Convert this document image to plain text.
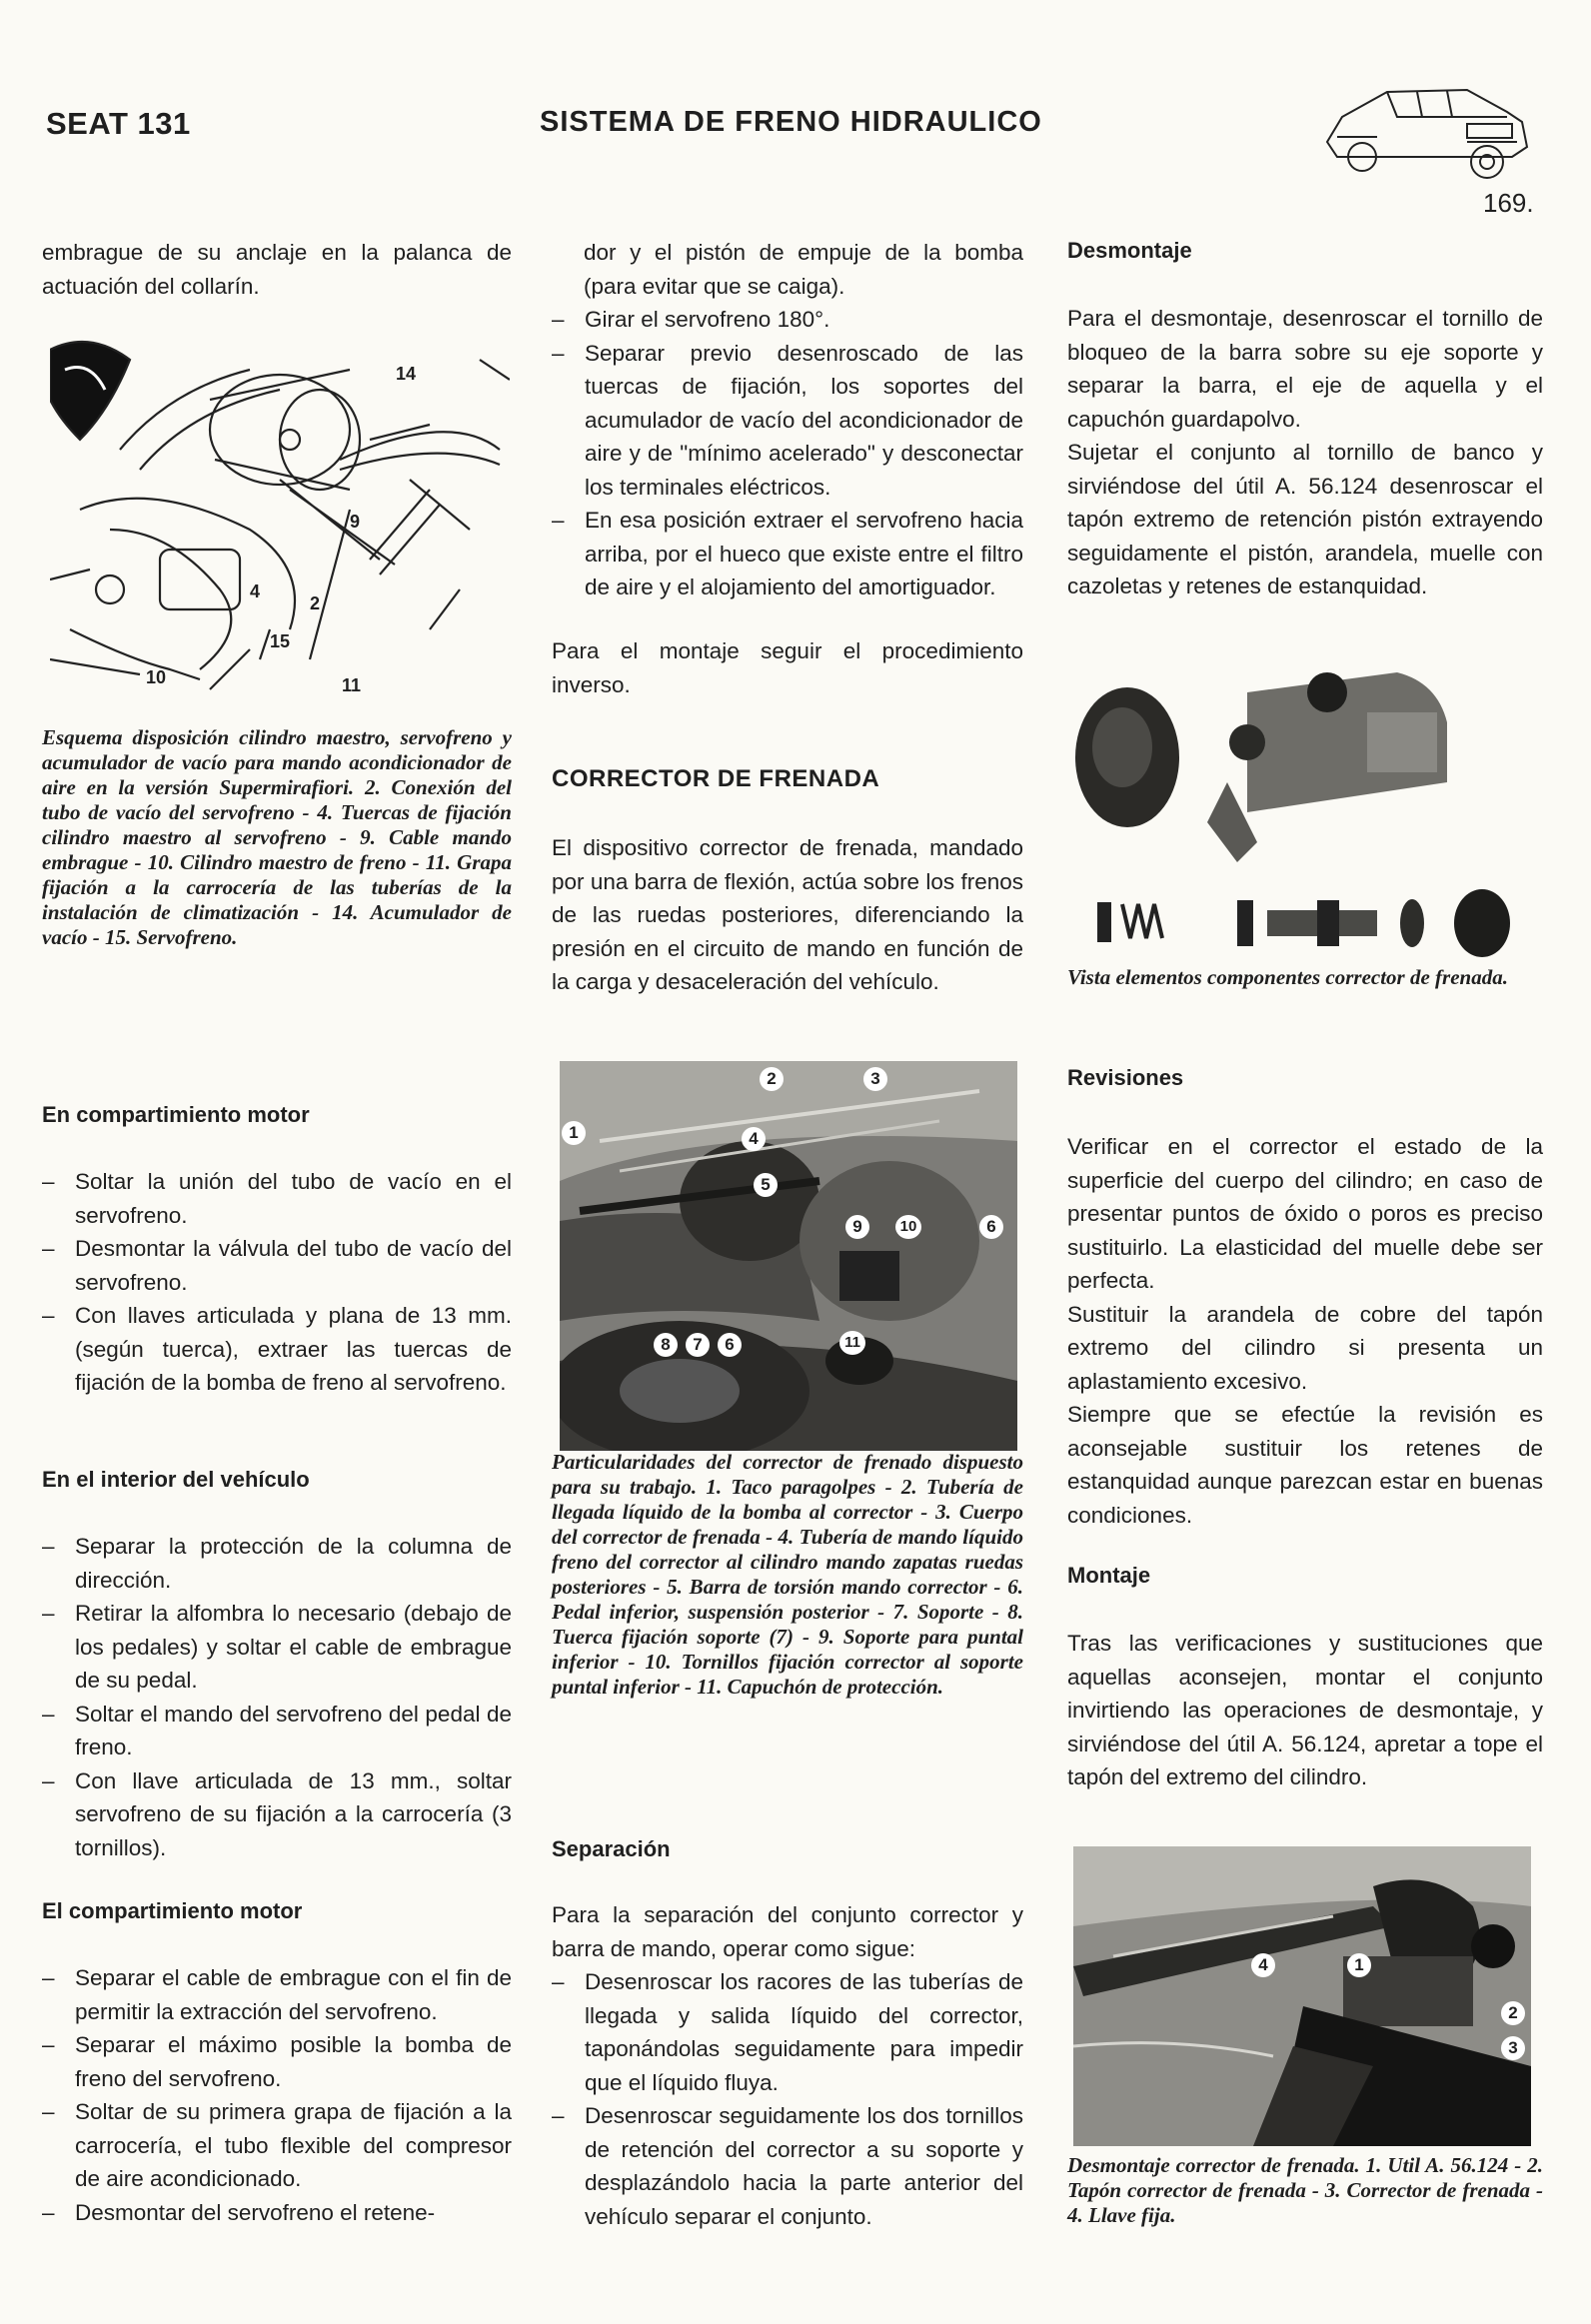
SEAT 131	SISTEMA DE FRENO HIDRAULICO
169.
embrague de su anclaje en la palanca de actuación del collarín.
14
9
2
4
15
10	11
Esquema disposición cilindro maestro, servofreno y acumulador de vacío para mando acondicionador de aire en la versión Supermirafiori. 2. Conexión del tubo de vacío del servofreno - 4. Tuercas de fijación cilindro maestro al servofreno - 9. Cable mando embrague - 10. Cilindro maestro de freno - 11. Grapa fijación a la carrocería de las tuberías de la instalación de climatización - 14. Acumulador de vacío - 15. Servofreno.
En compartimiento motor
– Soltar la unión del tubo de vacío en el servofreno.
– Desmontar la válvula del tubo de vacío del servofreno.
– Con llaves articulada y plana de 13 mm. (según tuerca), extraer las tuercas de fijación de la bomba de freno al servofreno.
En el interior del vehículo
– Separar la protección de la columna de dirección.
– Retirar la alfombra lo necesario (debajo de los pedales) y soltar el cable de embrague de su pedal.
– Soltar el mando del servofreno del pedal de freno.
– Con llave articulada de 13 mm., soltar servofreno de su fijación a la carrocería (3 tornillos).
El compartimiento motor
– Separar el cable de embrague con el fin de permitir la extracción del servofreno.
– Separar el máximo posible la bomba de freno del servofreno.
– Soltar de su primera grapa de fijación a la carrocería, el tubo flexible del compresor de aire acondicionado.
– Desmontar del servofreno el retene-
dor y el pistón de empuje de la bomba (para evitar que se caiga).
– Girar el servofreno 180°.
– Separar previo desenroscado de las tuercas de fijación, los soportes del acumulador de vacío del acondicionador de aire y de "mínimo acelerado" y desconectar los terminales eléctricos.
– En esa posición extraer el servofreno hacia arriba, por el hueco que existe entre el filtro de aire y el alojamiento del amortiguador.
Para el montaje seguir el procedimiento inverso.
CORRECTOR DE FRENADA
El dispositivo corrector de frenada, mandado por una barra de flexión, actúa sobre los frenos de las ruedas posteriores, diferenciando la presión en el circuito de mando en función de la carga y desaceleración del vehículo.
2	3
1	4
5
9	10	6
8	7	6	11
Particularidades del corrector de frenado dispuesto para su trabajo. 1. Taco paragolpes - 2. Tubería de llegada líquido de la bomba al corrector - 3. Cuerpo del corrector de frenada - 4. Tubería de mando líquido freno del corrector al cilindro mando zapatas ruedas posteriores - 5. Barra de torsión mando corrector - 6. Pedal inferior, suspensión posterior - 7. Soporte - 8. Tuerca fijación soporte (7) - 9. Soporte para puntal inferior - 10. Tornillos fijación corrector al soporte puntal inferior - 11. Capuchón de protección.
Separación
Para la separación del conjunto corrector y barra de mando, operar como sigue:
– Desenroscar los racores de las tuberías de llegada y salida líquido del corrector, taponándolas seguidamente para impedir que el líquido fluya.
– Desenroscar seguidamente los dos tornillos de retención del corrector a su soporte y desplazándolo hacia la parte anterior del vehículo separar el conjunto.
Desmontaje
Para el desmontaje, desenroscar el tornillo de bloqueo de la barra sobre su eje soporte y separar la barra, el eje de aquella y el capuchón guardapolvo.
Sujetar el conjunto al tornillo de banco y sirviéndose del útil A. 56.124 desenroscar el tapón extremo de retención pistón extrayendo seguidamente el pistón, arandela, muelle con cazoletas y retenes de estanquidad.
Vista elementos componentes corrector de frenada.
Revisiones

Verificar en el corrector el estado de la superficie del cuerpo del cilindro; en caso de presentar puntos de óxido o poros es preciso sustituirlo. La elasticidad del muelle debe ser perfecta.

Sustituir la arandela de cobre del tapón extremo del cilindro si presenta un aplastamiento excesivo.

Siempre que se efectúe la revisión es aconsejable sustituir los retenes de estanquidad aunque parezcan estar en buenas condiciones.

Montaje
Tras las verificaciones y sustituciones que aquellas aconsejen, montar el conjunto invirtiendo las operaciones de desmontaje, y sirviéndose del útil A. 56.124, apretar a tope el tapón del extremo del cilindro.
4	1
2
3
Desmontaje corrector de frenada. 1. Util A. 56.124 - 2. Tapón corrector de frenada - 3. Corrector de frenada - 4. Llave fija.
